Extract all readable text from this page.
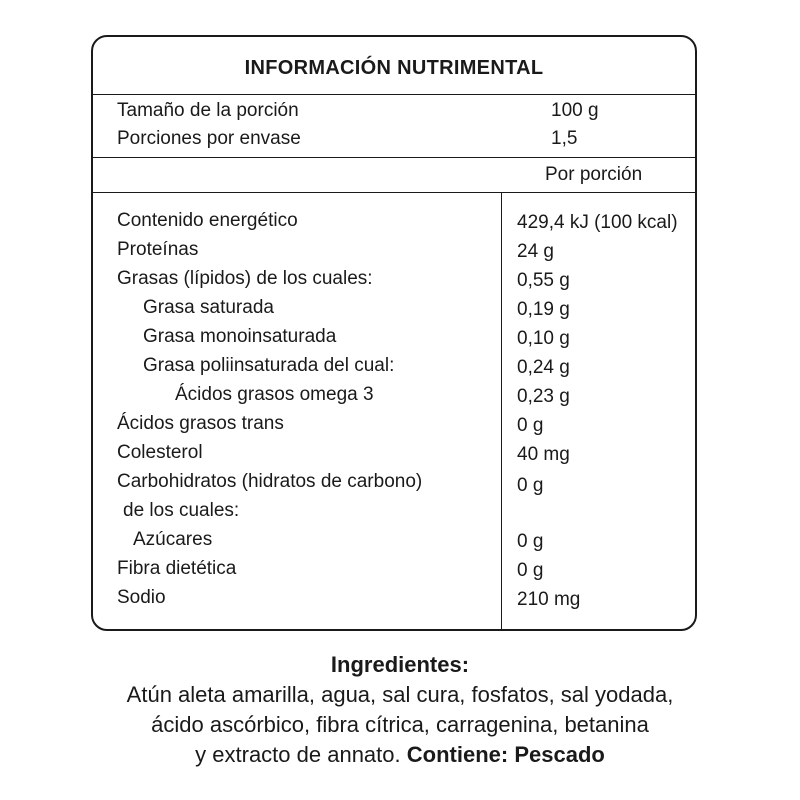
INFORMACIÓN NUTRIMENTAL
Tamaño de la porción	100 g
Porciones por envase	1,5
Por porción
Contenido energético	429,4 kJ (100 kcal)
Proteínas	24 g
Grasas (lípidos) de los cuales:	0,55 g
Grasa saturada	0,19 g
Grasa monoinsaturada	0,10 g
Grasa poliinsaturada del cual:	0,24 g
Ácidos grasos omega 3	0,23 g
Ácidos grasos trans	0 g
Colesterol	40 mg
Carbohidratos (hidratos de carbono)	0 g
de los cuales:
Azúcares	0 g
Fibra dietética	0 g
Sodio	210 mg
Ingredientes:
Atún aleta amarilla, agua, sal cura, fosfatos, sal yodada,
ácido ascórbico, fibra cítrica, carragenina, betanina
y extracto de annato. Contiene: Pescado
